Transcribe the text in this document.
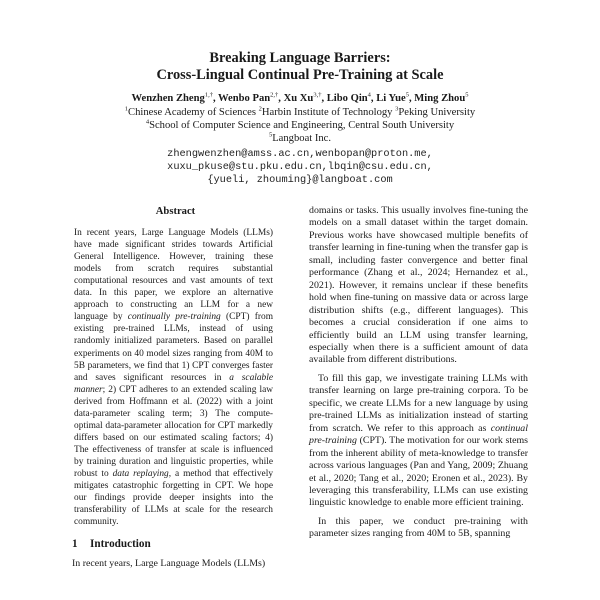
Breaking Language Barriers:
Cross-Lingual Continual Pre-Training at Scale
Wenzhen Zheng$^{1,\dagger}$, Wenbo Pan$^{2,\dagger}$, Xu $Xu^{3,\dagger}$, Libo Qin$^4$, Li Yue$^5$, Ming Zhou$^5$
$^1$Chinese Academy of Sciences $^2$Harbin Institute of Technology $^3$Peking University
$^4$School of Computer Science and Engineering, Central South University
$^5$Langboat Inc.
zhengwenzhen@amss.ac.cn,wenbopan@proton.me,
xuxu_pkuse@stu.pku.edu.cn,lbqin@csu.edu.cn,
{yueli, zhouming}@langboat.com
Abstract
In recent years, Large Language Models (LLMs) have made significant strides towards Artificial General Intelligence. However, training these models from scratch requires substantial computational resources and vast amounts of text data. In this paper, we explore an alternative approach to constructing an LLM for a new language by continually pre-training (CPT) from existing pre-trained LLMs, instead of using randomly initialized parameters. Based on parallel experiments on 40 model sizes ranging from 40M to 5B parameters, we find that 1) CPT converges faster and saves significant resources in a scalable manner; 2) CPT adheres to an extended scaling law derived from Hoffmann et al. (2022) with a joint data-parameter scaling term; 3) The compute-optimal data-parameter allocation for CPT markedly differs based on our estimated scaling factors; 4) The effectiveness of transfer at scale is influenced by training duration and linguistic properties, while robust to data replaying, a method that effectively mitigates catastrophic forgetting in CPT. We hope our findings provide deeper insights into the transferability of LLMs at scale for the research community.
1 Introduction
In recent years, Large Language Models (LLMs)

domains or tasks. This usually involves fine-tuning the models on a small dataset within the target domain. Previous works have showcased multiple benefits of transfer learning in fine-tuning when the transfer gap is small, including faster convergence and better final performance (Zhang et al., 2024; Hernandez et al., 2021). However, it remains unclear if these benefits hold when fine-tuning on massive data or across large distribution shifts (e.g., different languages). This becomes a crucial consideration if one aims to efficiently build an LLM using transfer learning, especially when there is a sufficient amount of data available from different distributions.

To fill this gap, we investigate training LLMs with transfer learning on large pre-training corpora. To be specific, we create LLMs for a new language by using pre-trained LLMs as initialization instead of starting from scratch. We refer to this approach as continual pre-training (CPT). The motivation for our work stems from the inherent ability of meta-knowledge to transfer across various languages (Pan and Yang, 2009; Zhuang et al., 2020; Tang et al., 2020; Eronen et al., 2023). By leveraging this transferability, LLMs can use existing linguistic knowledge to enable more efficient training.

In this paper, we conduct pre-training with parameter sizes ranging from 40M to 5B, spanning
